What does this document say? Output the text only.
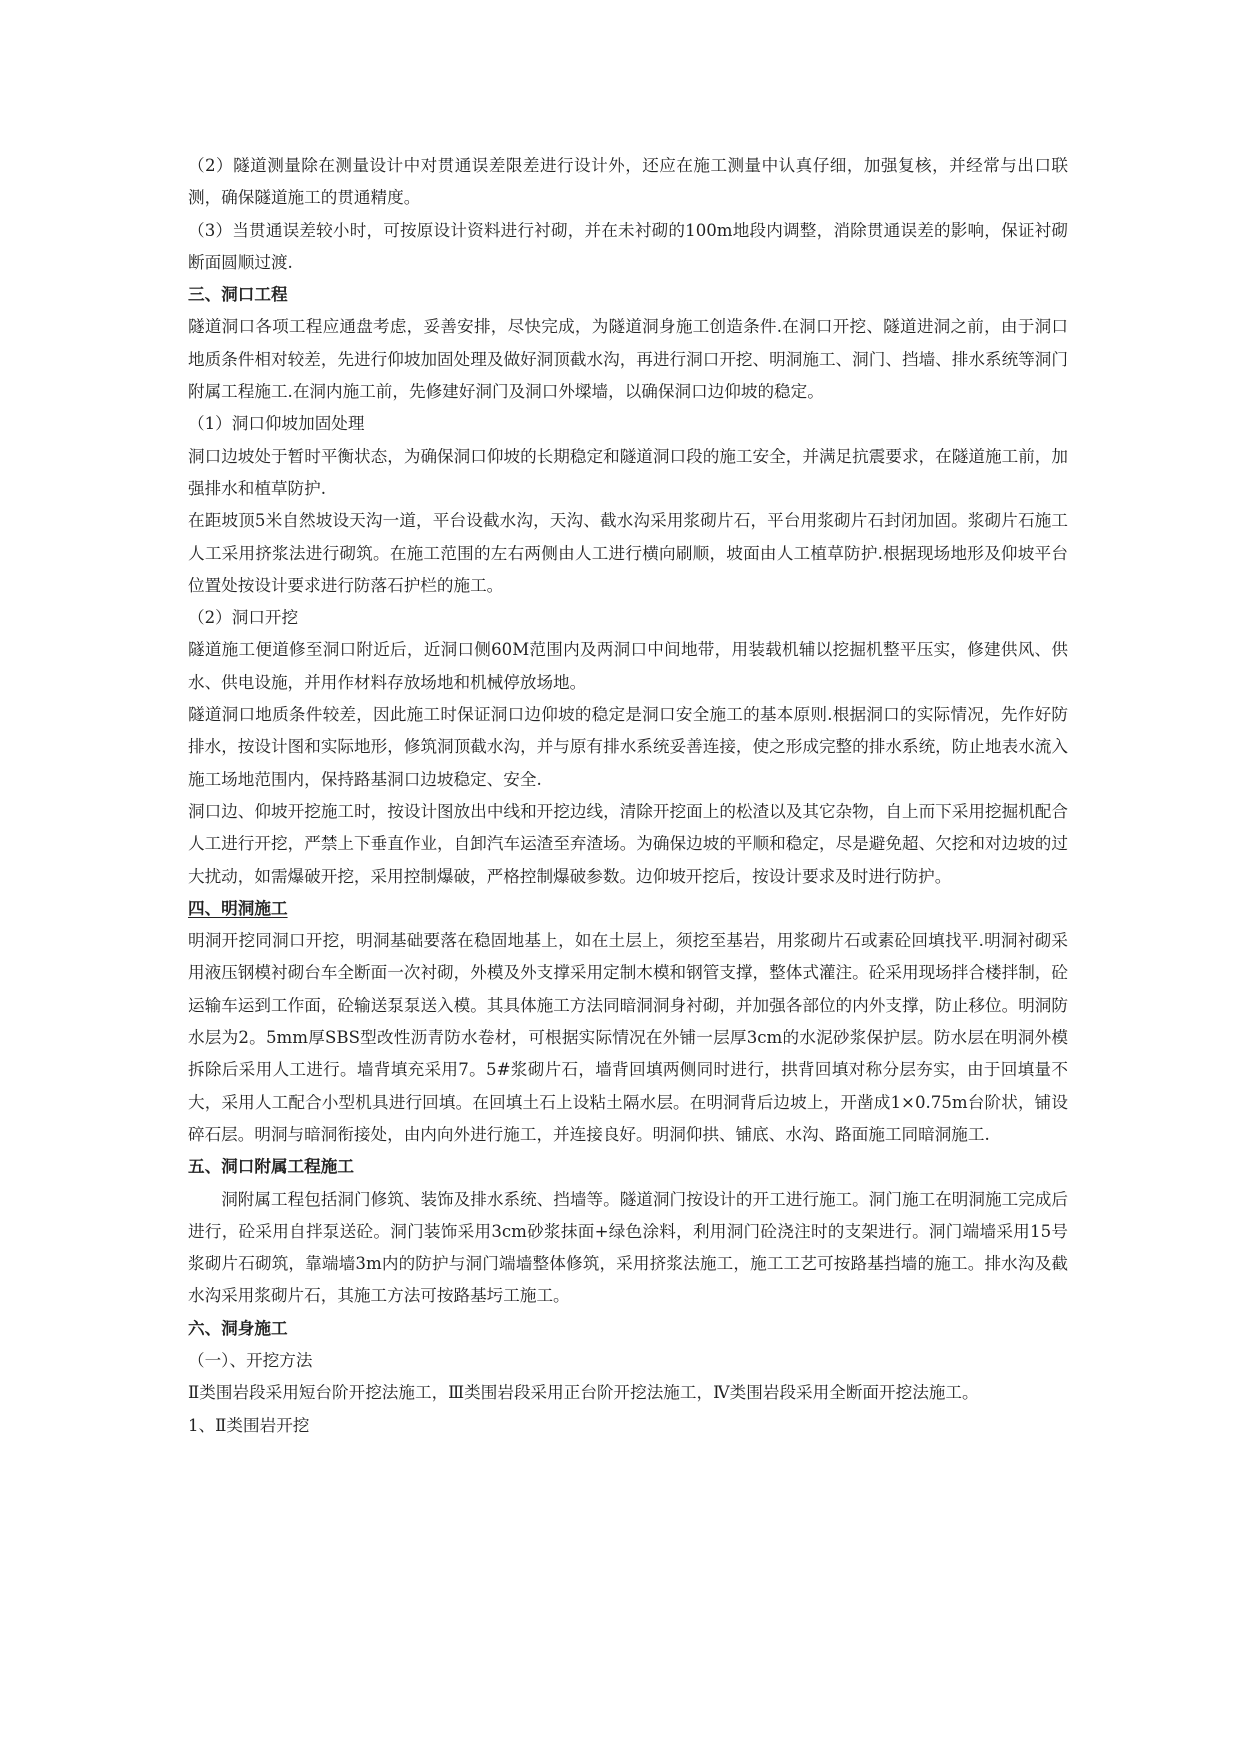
（2）隧道测量除在测量设计中对贯通误差限差进行设计外，还应在施工测量中认真仔细，加强复核，并经常与出口联测，确保隧道施工的贯通精度。

（3）当贯通误差较小时，可按原设计资料进行衬砌，并在未衬砌的100m地段内调整，消除贯通误差的影响，保证衬砌断面圆顺过渡.

三、洞口工程

隧道洞口各项工程应通盘考虑，妥善安排，尽快完成，为隧道洞身施工创造条件.在洞口开挖、隧道进洞之前，由于洞口地质条件相对较差，先进行仰坡加固处理及做好洞顶截水沟，再进行洞口开挖、明洞施工、洞门、挡墙、排水系统等洞门附属工程施工.在洞内施工前，先修建好洞门及洞口外墚墙，以确保洞口边仰坡的稳定。

（1）洞口仰坡加固处理

洞口边坡处于暂时平衡状态，为确保洞口仰坡的长期稳定和隧道洞口段的施工安全，并满足抗震要求，在隧道施工前，加强排水和植草防护.

在距坡顶5米自然坡设天沟一道，平台设截水沟，天沟、截水沟采用浆砌片石，平台用浆砌片石封闭加固。浆砌片石施工人工采用挤浆法进行砌筑。在施工范围的左右两侧由人工进行横向刷顺，坡面由人工植草防护.根据现场地形及仰坡平台位置处按设计要求进行防落石护栏的施工。

（2）洞口开挖

隧道施工便道修至洞口附近后，近洞口侧60M范围内及两洞口中间地带，用装载机辅以挖掘机整平压实，修建供风、供水、供电设施，并用作材料存放场地和机械停放场地。

隧道洞口地质条件较差，因此施工时保证洞口边仰坡的稳定是洞口安全施工的基本原则.根据洞口的实际情况，先作好防排水，按设计图和实际地形，修筑洞顶截水沟，并与原有排水系统妥善连接，使之形成完整的排水系统，防止地表水流入施工场地范围内，保持路基洞口边坡稳定、安全.

洞口边、仰坡开挖施工时，按设计图放出中线和开挖边线，清除开挖面上的松渣以及其它杂物，自上而下采用挖掘机配合人工进行开挖，严禁上下垂直作业，自卸汽车运渣至弃渣场。为确保边坡的平顺和稳定，尽是避免超、欠挖和对边坡的过大扰动，如需爆破开挖，采用控制爆破，严格控制爆破参数。边仰坡开挖后，按设计要求及时进行防护。

四、明洞施工

明洞开挖同洞口开挖，明洞基础要落在稳固地基上，如在土层上，须挖至基岩，用浆砌片石或素砼回填找平.明洞衬砌采用液压钢模衬砌台车全断面一次衬砌，外模及外支撑采用定制木模和钢管支撑，整体式灌注。砼采用现场拌合楼拌制，砼运输车运到工作面，砼输送泵泵送入模。其具体施工方法同暗洞洞身衬砌，并加强各部位的内外支撑，防止移位。明洞防水层为2。5mm厚SBS型改性沥青防水卷材，可根据实际情况在外铺一层厚3cm的水泥砂浆保护层。防水层在明洞外模拆除后采用人工进行。墙背填充采用7。5#浆砌片石，墙背回填两侧同时进行，拱背回填对称分层夯实，由于回填量不大，采用人工配合小型机具进行回填。在回填土石上设粘土隔水层。在明洞背后边坡上，开凿成1×0.75m台阶状，铺设碎石层。明洞与暗洞衔接处，由内向外进行施工，并连接良好。明洞仰拱、铺底、水沟、路面施工同暗洞施工.

五、洞口附属工程施工

洞附属工程包括洞门修筑、装饰及排水系统、挡墙等。隧道洞门按设计的开工进行施工。洞门施工在明洞施工完成后进行，砼采用自拌泵送砼。洞门装饰采用3cm砂浆抹面+绿色涂料，利用洞门砼浇注时的支架进行。洞门端墙采用15号浆砌片石砌筑，靠端墙3m内的防护与洞门端墙整体修筑，采用挤浆法施工，施工工艺可按路基挡墙的施工。排水沟及截水沟采用浆砌片石，其施工方法可按路基圬工施工。

六、洞身施工

（一）、开挖方法

Ⅱ类围岩段采用短台阶开挖法施工，Ⅲ类围岩段采用正台阶开挖法施工，Ⅳ类围岩段采用全断面开挖法施工。

1、Ⅱ类围岩开挖
